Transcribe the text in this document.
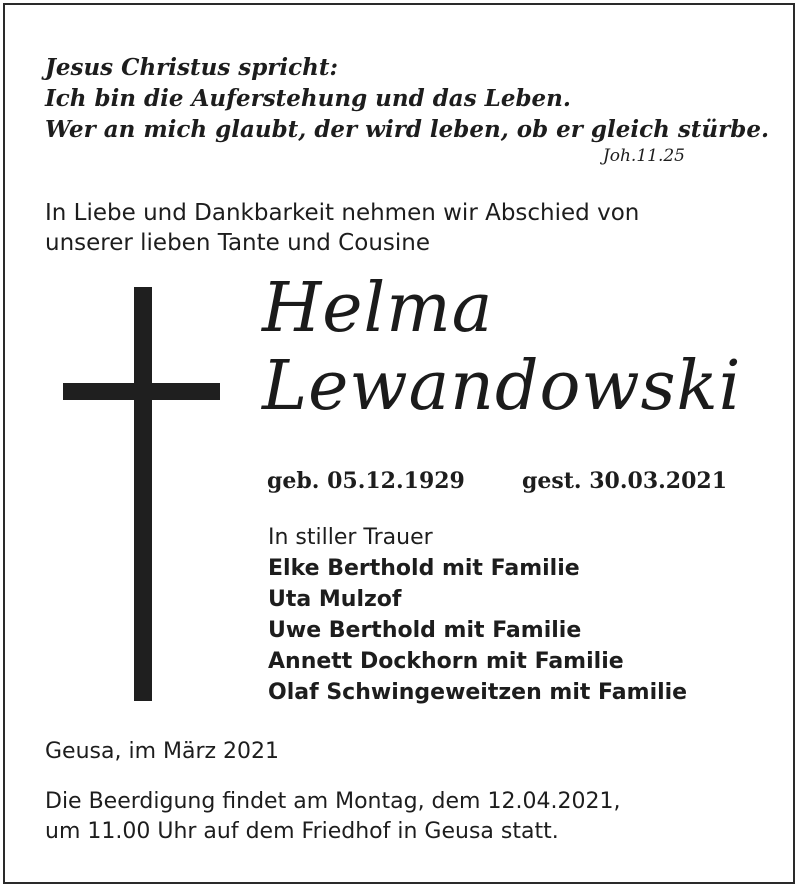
Jesus Christus spricht:
Ich bin die Auferstehung und das Leben.
Wer an mich glaubt, der wird leben, ob er gleich stürbe.
Joh.11.25
In Liebe und Dankbarkeit nehmen wir Abschied von
unserer lieben Tante und Cousine
Helma
Lewandowski
geb. 05.12.1929	gest. 30.03.2021
In stiller Trauer
Elke Berthold mit Familie
Uta Mulzof
Uwe Berthold mit Familie
Annett Dockhorn mit Familie
Olaf Schwingeweitzen mit Familie
Geusa, im März 2021
Die Beerdigung findet am Montag, dem 12.04.2021,
um 11.00 Uhr auf dem Friedhof in Geusa statt.
